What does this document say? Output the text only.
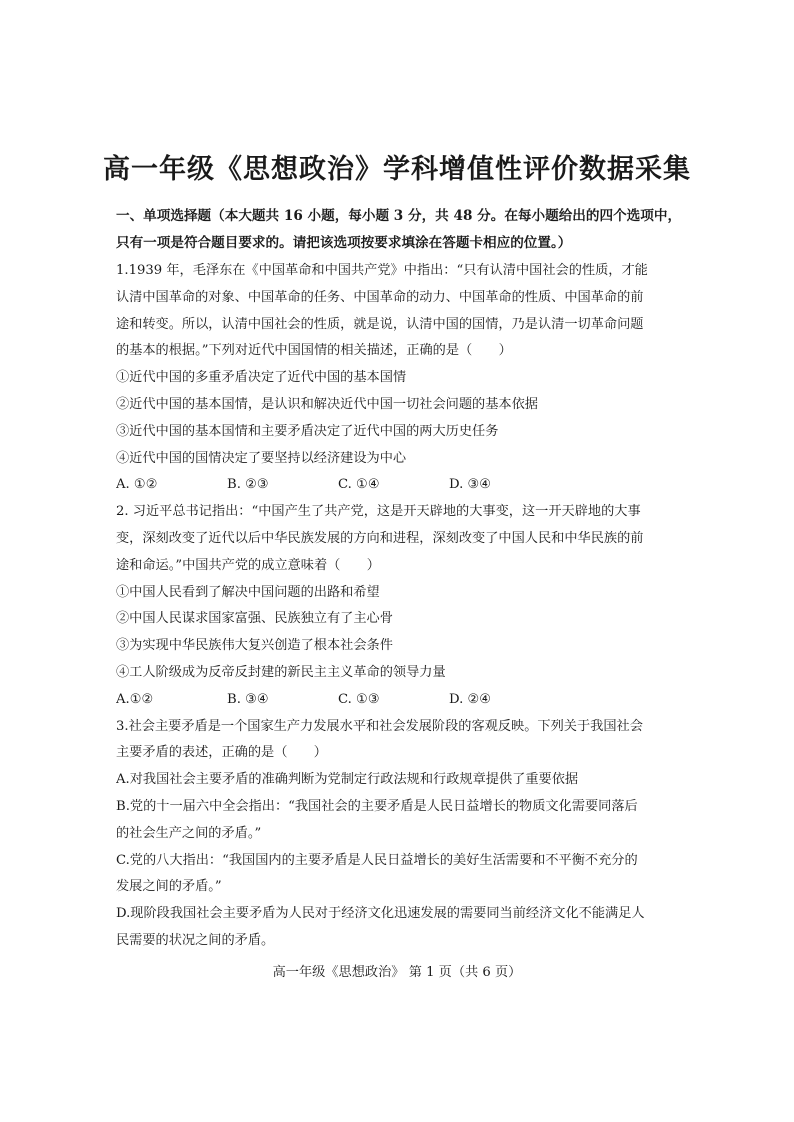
高一年级《思想政治》学科增值性评价数据采集
一、单项选择题（本大题共 16 小题，每小题 3 分，共 48 分。在每小题给出的四个选项中，
只有一项是符合题目要求的。请把该选项按要求填涂在答题卡相应的位置。）
1.1939 年，毛泽东在《中国革命和中国共产党》中指出：“只有认清中国社会的性质，才能
认清中国革命的对象、中国革命的任务、中国革命的动力、中国革命的性质、中国革命的前
途和转变。所以，认清中国社会的性质，就是说，认清中国的国情，乃是认清一切革命问题
的基本的根据。”下列对近代中国国情的相关描述，正确的是（　　）
①近代中国的多重矛盾决定了近代中国的基本国情
②近代中国的基本国情，是认识和解决近代中国一切社会问题的基本依据
③近代中国的基本国情和主要矛盾决定了近代中国的两大历史任务
④近代中国的国情决定了要坚持以经济建设为中心
A. ①②	B. ②③	C. ①④	D. ③④
2. 习近平总书记指出：“中国产生了共产党，这是开天辟地的大事变，这一开天辟地的大事
变，深刻改变了近代以后中华民族发展的方向和进程，深刻改变了中国人民和中华民族的前
途和命运。”中国共产党的成立意味着（　　）
①中国人民看到了解决中国问题的出路和希望
②中国人民谋求国家富强、民族独立有了主心骨
③为实现中华民族伟大复兴创造了根本社会条件
④工人阶级成为反帝反封建的新民主主义革命的领导力量
A.①②	B. ③④	C. ①③	D. ②④
3.社会主要矛盾是一个国家生产力发展水平和社会发展阶段的客观反映。下列关于我国社会
主要矛盾的表述，正确的是（　　）
A.对我国社会主要矛盾的准确判断为党制定行政法规和行政规章提供了重要依据
B.党的十一届六中全会指出：“我国社会的主要矛盾是人民日益增长的物质文化需要同落后
的社会生产之间的矛盾。”
C.党的八大指出：“我国国内的主要矛盾是人民日益增长的美好生活需要和不平衡不充分的
发展之间的矛盾。”
D.现阶段我国社会主要矛盾为人民对于经济文化迅速发展的需要同当前经济文化不能满足人
民需要的状况之间的矛盾。
高一年级《思想政治》 第 1 页（共 6 页）
